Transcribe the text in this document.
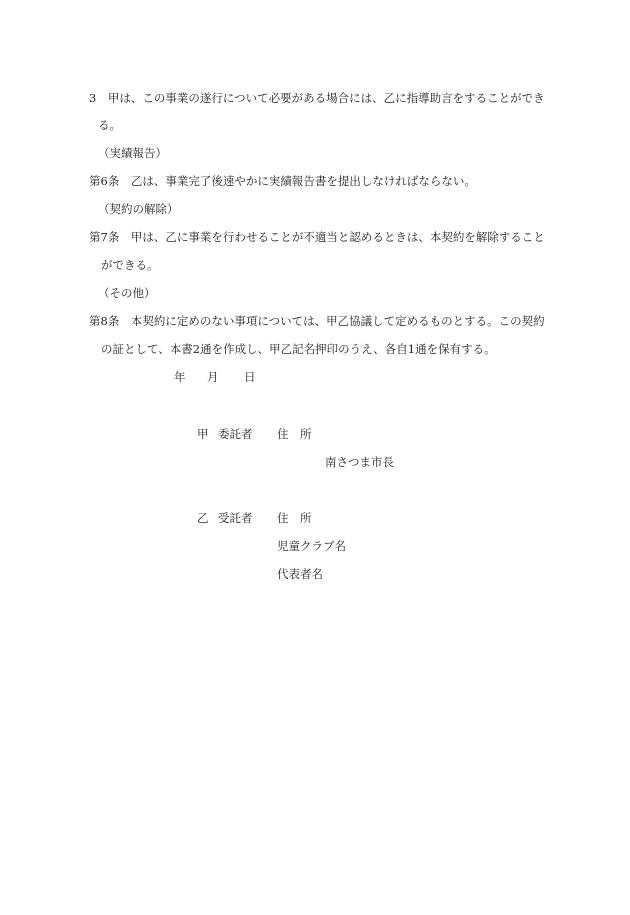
3　甲は、この事業の遂行について必要がある場合には、乙に指導助言をすることができ
る。
（実績報告）
第6条　乙は、事業完了後速やかに実績報告書を提出しなければならない。
（契約の解除）
第7条　甲は、乙に事業を行わせることが不適当と認めるときは、本契約を解除すること
ができる。
（その他）
第8条　本契約に定めのない事項については、甲乙協議して定めるものとする。この契約
の証として、本書2通を作成し、甲乙記名押印のうえ、各自1通を保有する。
年 月 日
甲 委託者 住　所
南さつま市長
乙 受託者 住　所
児童クラブ名
代表者名
